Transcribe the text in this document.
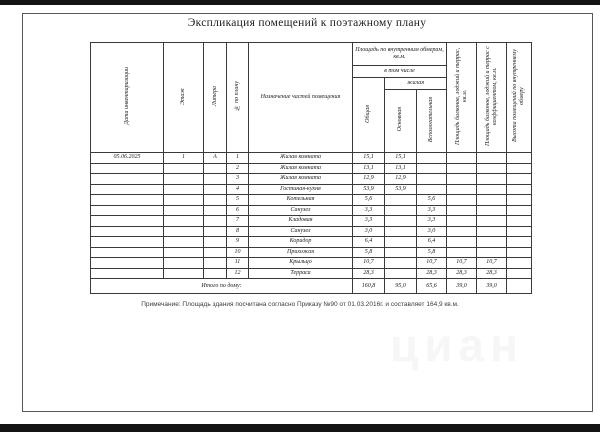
циан
Экспликация помещений к поэтажному плану
Дата инвентаризации	Этаж	Литера	№ по плану	Назначение частей помещения	Площадь по внутренним обмерам, кв.м.			Площадь балконов, лоджий и террас, кв.м.	Площадь балконов, лоджий и террас с коэффициентом, кв.м.	Высота помещений по внутреннему обмеру
					в том числе					
					Общая	жилая				
						Основная	Вспомогательная			
05.06.2025	1	А	1	Жилая комната	15,1	15,1				
			2	Жилая комната	13,1	13,1				
			3	Жилая комната	12,9	12,9				
			4	Гостиная-кухня	53,9	53,9				
			5	Котельная	5,6		5,6			
			6	Санузел	3,3		3,3			
			7	Кладовая	3,3		3,3			
			8	Санузел	3,0		3,0			
			9	Коридор	6,4		6,4			
			10	Прихожая	5,8		5,8			
			11	Крыльцо	10,7		10,7	10,7	10,7	
			12	Терраса	28,3		28,3	28,3	28,3	
Итого по дому:					160,8	95,0	65,6	39,0	39,0	
Примечание: Площадь здания посчитана согласно Приказу №90 от 01.03.2016г. и составляет 164,9 кв.м.
